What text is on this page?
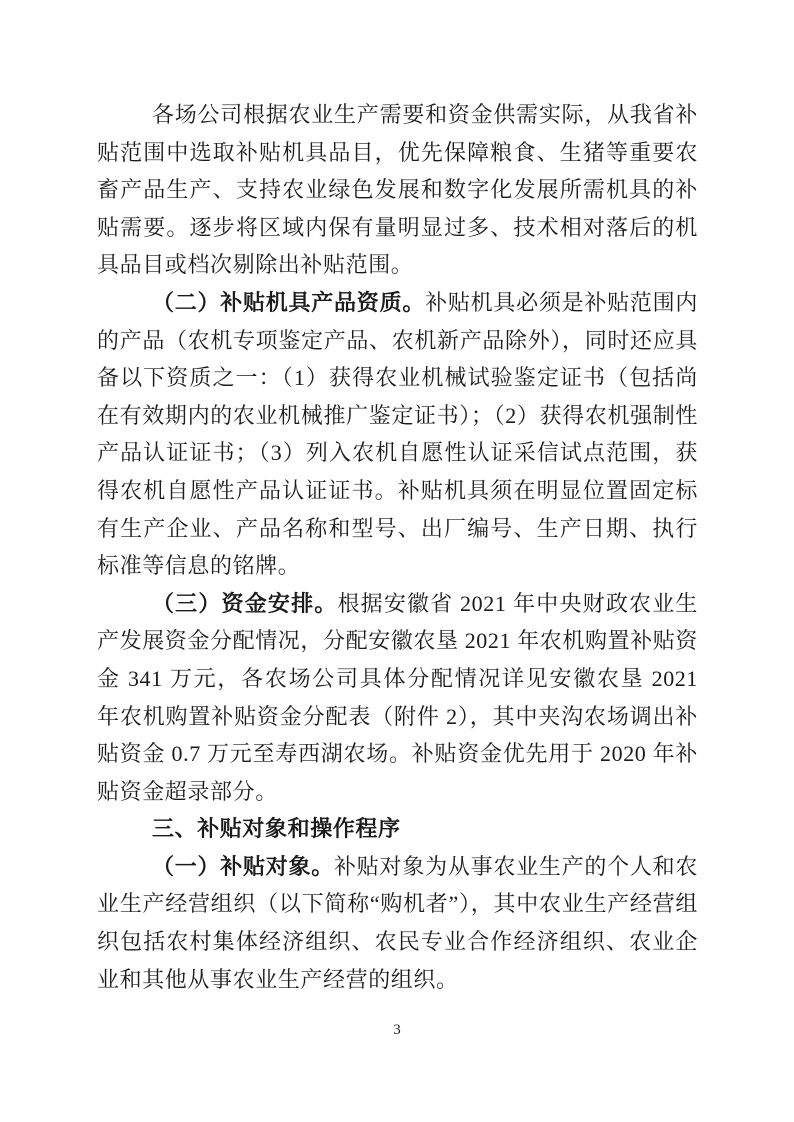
各场公司根据农业生产需要和资金供需实际，从我省补贴范围中选取补贴机具品目，优先保障粮食、生猪等重要农畜产品生产、支持农业绿色发展和数字化发展所需机具的补贴需要。逐步将区域内保有量明显过多、技术相对落后的机具品目或档次剔除出补贴范围。

（二）补贴机具产品资质。补贴机具必须是补贴范围内的产品（农机专项鉴定产品、农机新产品除外），同时还应具备以下资质之一：（1）获得农业机械试验鉴定证书（包括尚在有效期内的农业机械推广鉴定证书）；（2）获得农机强制性产品认证证书；（3）列入农机自愿性认证采信试点范围，获得农机自愿性产品认证证书。补贴机具须在明显位置固定标有生产企业、产品名称和型号、出厂编号、生产日期、执行标准等信息的铭牌。

（三）资金安排。根据安徽省 2021 年中央财政农业生产发展资金分配情况，分配安徽农垦 2021 年农机购置补贴资金 341 万元，各农场公司具体分配情况详见安徽农垦 2021 年农机购置补贴资金分配表（附件 2），其中夹沟农场调出补贴资金 0.7 万元至寿西湖农场。补贴资金优先用于 2020 年补贴资金超录部分。

三、补贴对象和操作程序

（一）补贴对象。补贴对象为从事农业生产的个人和农业生产经营组织（以下简称“购机者”），其中农业生产经营组织包括农村集体经济组织、农民专业合作经济组织、农业企业和其他从事农业生产经营的组织。

3
